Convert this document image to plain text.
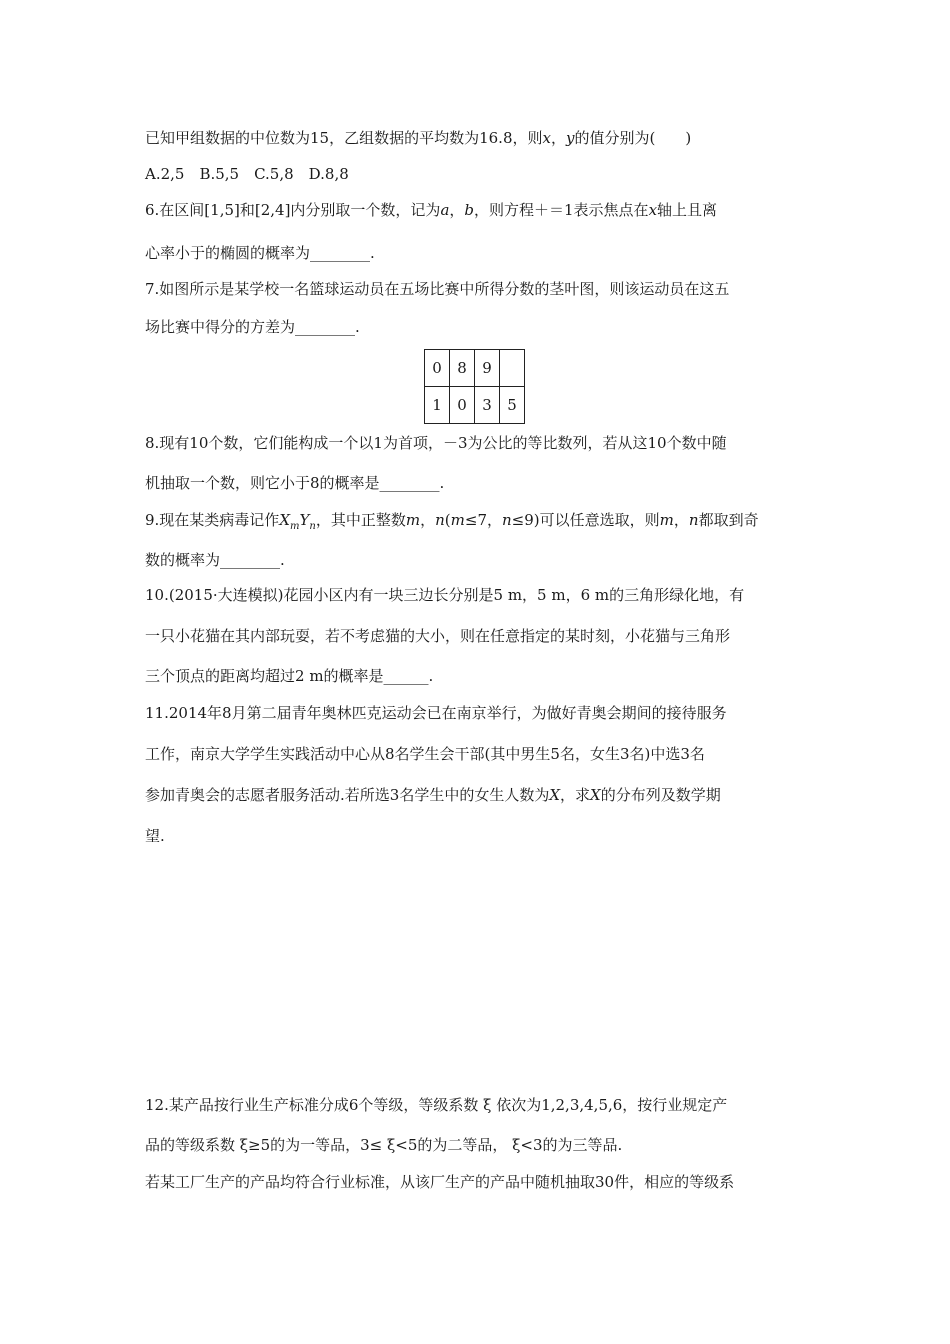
已知甲组数据的中位数为15，乙组数据的平均数为16.8，则x，y的值分别为(　　)
A.2,5　B.5,5　C.5,8　D.8,8
6.在区间[1,5]和[2,4]内分别取一个数，记为a，b，则方程＋＝1表示焦点在x轴上且离
心率小于的椭圆的概率为________.
7.如图所示是某学校一名篮球运动员在五场比赛中所得分数的茎叶图，则该运动员在这五
场比赛中得分的方差为________.
0	8	9	
1	0	3	5
8.现有10个数，它们能构成一个以1为首项，－3为公比的等比数列，若从这10个数中随
机抽取一个数，则它小于8的概率是________.
9.现在某类病毒记作$X_mY_n$，其中正整数m，n(m≤7，n≤9)可以任意选取，则m，n都取到奇
数的概率为________.
10.(2015·大连模拟)花园小区内有一块三边长分别是5 m，5 m，6 m的三角形绿化地，有
一只小花猫在其内部玩耍，若不考虑猫的大小，则在任意指定的某时刻，小花猫与三角形
三个顶点的距离均超过2 m的概率是______.
11.2014年8月第二届青年奥林匹克运动会已在南京举行，为做好青奥会期间的接待服务
工作，南京大学学生实践活动中心从8名学生会干部(其中男生5名，女生3名)中选3名
参加青奥会的志愿者服务活动.若所选3名学生中的女生人数为X，求X的分布列及数学期
望.
12.某产品按行业生产标准分成6个等级，等级系数 ξ 依次为1,2,3,4,5,6，按行业规定产
品的等级系数 ξ≥5的为一等品，3≤ ξ<5的为二等品， ξ<3的为三等品.
若某工厂生产的产品均符合行业标准，从该厂生产的产品中随机抽取30件，相应的等级系
